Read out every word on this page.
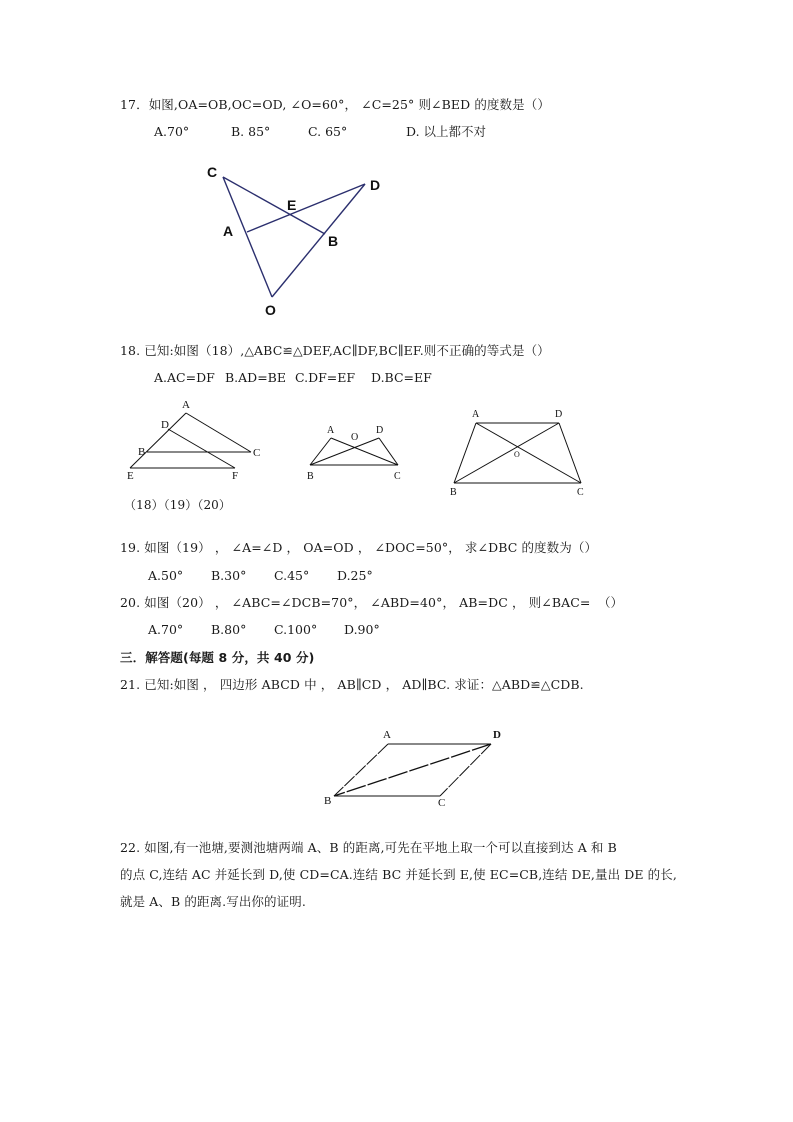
17．如图,OA=OB,OC=OD, ∠O=60°， ∠C=25° 则∠BED 的度数是（）
A.70°	B. 85°	C. 65°	D. 以上都不对
C
D
E
A
B
O
18. 已知:如图（18）,△ABC≌△DEF,AC∥DF,BC∥EF.则不正确的等式是（）
A.AC=DF B.AD=BE C.DF=EF D.BC=EF
A
D
B	C
E	F
A
O
D
B	C
A	D
O
B	C
（18）（19）（20）
19. 如图（19） ， ∠A=∠D ， OA=OD ， ∠DOC=50°， 求∠DBC 的度数为（）
A.50° B.30° C.45° D.25°
20. 如图（20） ， ∠ABC=∠DCB=70°， ∠ABD=40°， AB=DC ， 则∠BAC= （）
A.70° B.80° C.100° D.90°
三．解答题(每题 8 分，共 40 分)
21. 已知:如图 ， 四边形 ABCD 中 ， AB∥CD ， AD∥BC. 求证：△ABD≌△CDB.
A	D
B	C
22. 如图,有一池塘,要测池塘两端 A、B 的距离,可先在平地上取一个可以直接到达 A 和 B
的点 C,连结 AC 并延长到 D,使 CD=CA.连结 BC 并延长到 E,使 EC=CB,连结 DE,量出 DE 的长,
就是 A、B 的距离.写出你的证明.
